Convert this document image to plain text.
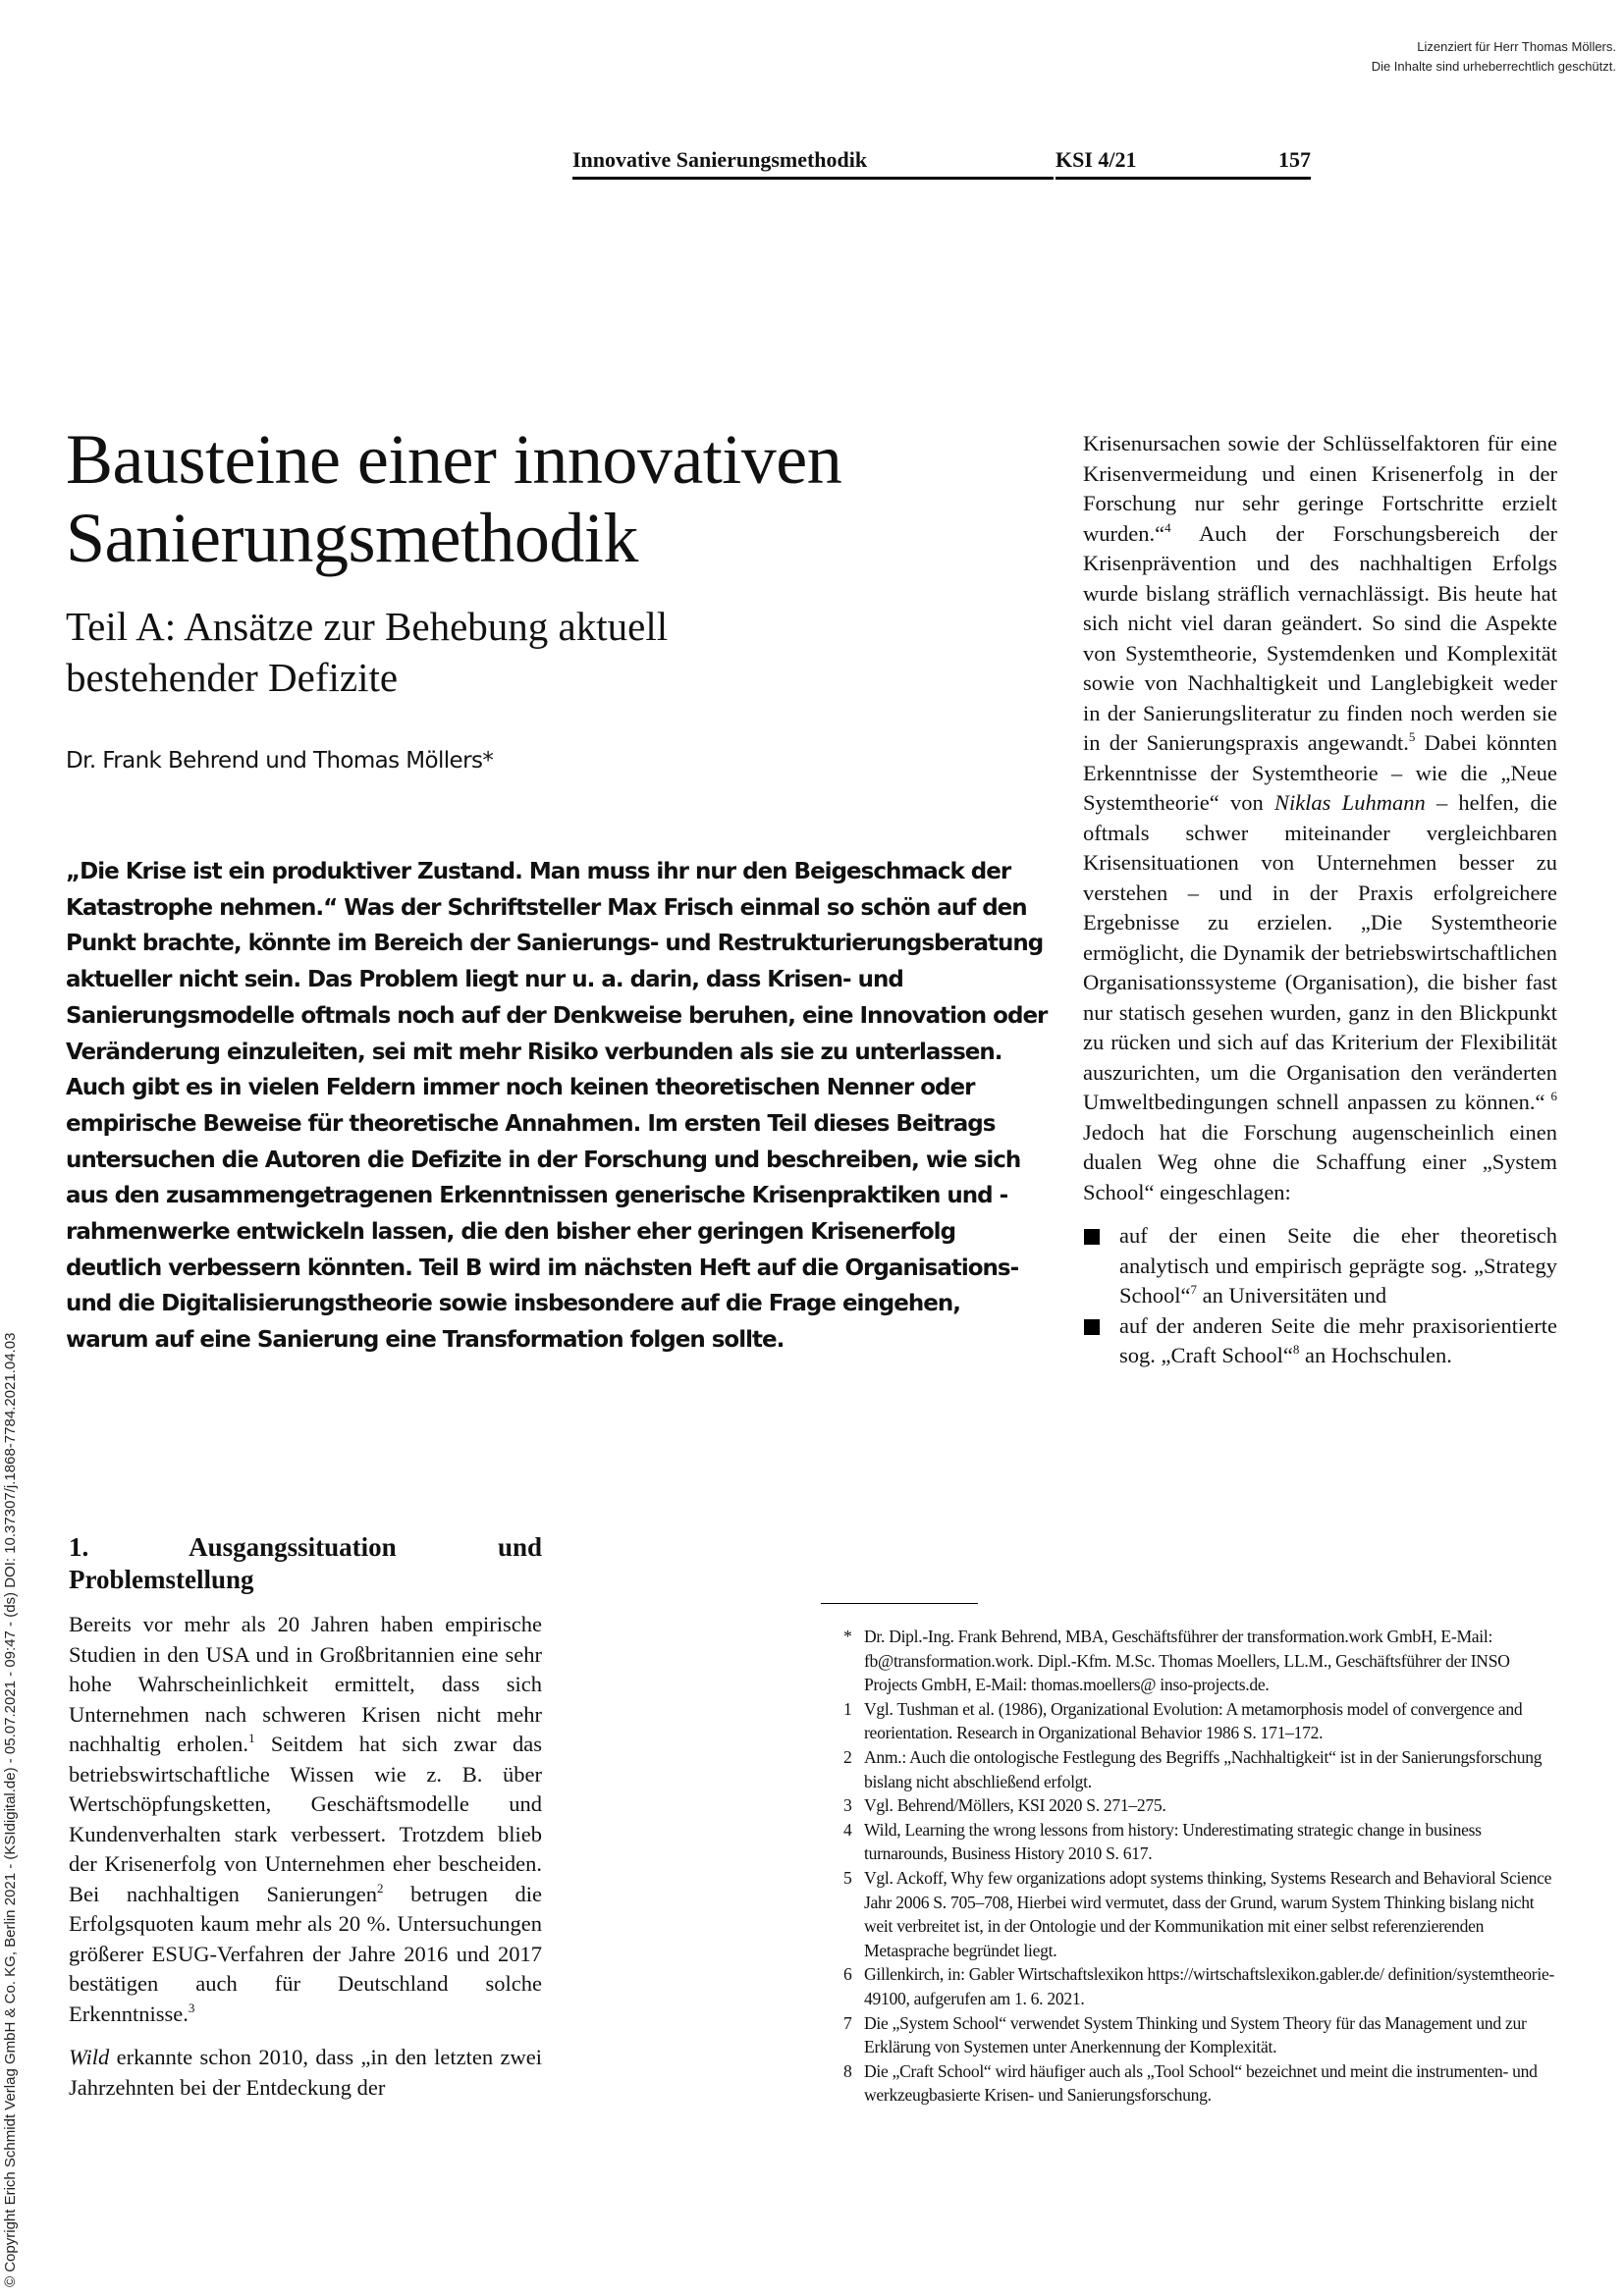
Lizenziert für Herr Thomas Möllers.
Die Inhalte sind urheberrechtlich geschützt.
Innovative Sanierungsmethodik	KSI 4/21	157

© Copyright Erich Schmidt Verlag GmbH & Co. KG, Berlin 2021 - (KSIdigital.de) - 05.07.2021 - 09:47 - (ds) DOI: 10.37307/j.1868-7784.2021.04.03
Bausteine einer innovativen
Sanierungsmethodik
Teil A: Ansätze zur Behebung aktuell
bestehender Defizite
Dr. Frank Behrend und Thomas Möllers*

„Die Krise ist ein produktiver Zustand. Man muss ihr nur den Beigeschmack der Katastrophe nehmen.“ Was der Schriftsteller Max Frisch einmal so schön auf den Punkt brachte, könnte im Bereich der Sanierungs- und Restrukturierungsberatung aktueller nicht sein. Das Problem liegt nur u. a. darin, dass Krisen- und Sanierungsmodelle oftmals noch auf der Denkweise beruhen, eine Innovation oder Veränderung einzuleiten, sei mit mehr Risiko verbunden als sie zu unterlassen. Auch gibt es in vielen Feldern immer noch keinen theoretischen Nenner oder empirische Beweise für theoretische Annahmen. Im ersten Teil dieses Beitrags untersuchen die Autoren die Defizite in der Forschung und beschreiben, wie sich aus den zusammengetragenen Erkenntnissen generische Krisenpraktiken und -rahmenwerke entwickeln lassen, die den bisher eher geringen Krisenerfolg deutlich verbessern könnten. Teil B wird im nächsten Heft auf die Organisations- und die Digitalisierungstheorie sowie insbesondere auf die Frage eingehen, warum auf eine Sanierung eine Transformation folgen sollte.

1. Ausgangssituation und Problemstellung

Bereits vor mehr als 20 Jahren haben empirische Studien in den USA und in Großbritannien eine sehr hohe Wahrscheinlichkeit ermittelt, dass sich Unternehmen nach schweren Krisen nicht mehr nachhaltig erholen.$^1$ Seitdem hat sich zwar das betriebswirtschaftliche Wissen wie z. B. über Wertschöpfungsketten, Geschäftsmodelle und Kundenverhalten stark verbessert. Trotzdem blieb der Krisenerfolg von Unternehmen eher bescheiden. Bei nachhaltigen Sanierungen$^2$ betrugen die Erfolgsquoten kaum mehr als 20 %. Untersuchungen größerer ESUG-Verfahren der Jahre 2016 und 2017 bestätigen auch für Deutschland solche Erkenntnisse.$^3$

Wild erkannte schon 2010, dass „in den letzten zwei Jahrzehnten bei der Entdeckung der

Krisenursachen sowie der Schlüsselfaktoren für eine Krisenvermeidung und einen Krisenerfolg in der Forschung nur sehr geringe Fortschritte erzielt wurden.“$^4$ Auch der Forschungsbereich der Krisenprävention und des nachhaltigen Erfolgs wurde bislang sträflich vernachlässigt. Bis heute hat sich nicht viel daran geändert. So sind die Aspekte von Systemtheorie, Systemdenken und Komplexität sowie von Nachhaltigkeit und Langlebigkeit weder in der Sanierungsliteratur zu finden noch werden sie in der Sanierungspraxis angewandt.$^5$ Dabei könnten Erkenntnisse der Systemtheorie – wie die „Neue Systemtheorie“ von Niklas Luhmann – helfen, die oftmals schwer miteinander vergleichbaren Krisensituationen von Unternehmen besser zu verstehen – und in der Praxis erfolgreichere Ergebnisse zu erzielen. „Die Systemtheorie ermöglicht, die Dynamik der betriebswirtschaftlichen Organisationssysteme (Organisation), die bisher fast nur statisch gesehen wurden, ganz in den Blickpunkt zu rücken und sich auf das Kriterium der Flexibilität auszurichten, um die Organisation den veränderten Umweltbedingungen schnell anpassen zu können.“ $^6$ Jedoch hat die Forschung augenscheinlich einen dualen Weg ohne die Schaffung einer „System School“ eingeschlagen:

auf der einen Seite die eher theoretisch analytisch und empirisch geprägte sog. „Strategy School“$^7$ an Universitäten und
auf der anderen Seite die mehr praxisorientierte sog. „Craft School“$^8$ an Hochschulen.
* Dr. Dipl.-Ing. Frank Behrend, MBA, Geschäftsführer der transformation.work GmbH, E-Mail: fb@transformation.work. Dipl.-Kfm. M.Sc. Thomas Moellers, LL.M., Geschäftsführer der INSO Projects GmbH, E-Mail: thomas.moellers@ inso-projects.de.
1 Vgl. Tushman et al. (1986), Organizational Evolution: A metamorphosis model of convergence and reorientation. Research in Organizational Behavior 1986 S. 171–172.
2 Anm.: Auch die ontologische Festlegung des Begriffs „Nachhaltigkeit“ ist in der Sanierungsforschung bislang nicht abschließend erfolgt.
3 Vgl. Behrend/Möllers, KSI 2020 S. 271–275.
4 Wild, Learning the wrong lessons from history: Underestimating strategic change in business turnarounds, Business History 2010 S. 617.
5 Vgl. Ackoff, Why few organizations adopt systems thinking, Systems Research and Behavioral Science Jahr 2006 S. 705–708, Hierbei wird vermutet, dass der Grund, warum System Thinking bislang nicht weit verbreitet ist, in der Ontologie und der Kommunikation mit einer selbst referenzierenden Metasprache begründet liegt.
6 Gillenkirch, in: Gabler Wirtschaftslexikon https://wirtschaftslexikon.gabler.de/ definition/systemtheorie-49100, aufgerufen am 1. 6. 2021.
7 Die „System School“ verwendet System Thinking und System Theory für das Management und zur Erklärung von Systemen unter Anerkennung der Komplexität.
8 Die „Craft School“ wird häufiger auch als „Tool School“ bezeichnet und meint die instrumenten- und werkzeugbasierte Krisen- und Sanierungsforschung.
